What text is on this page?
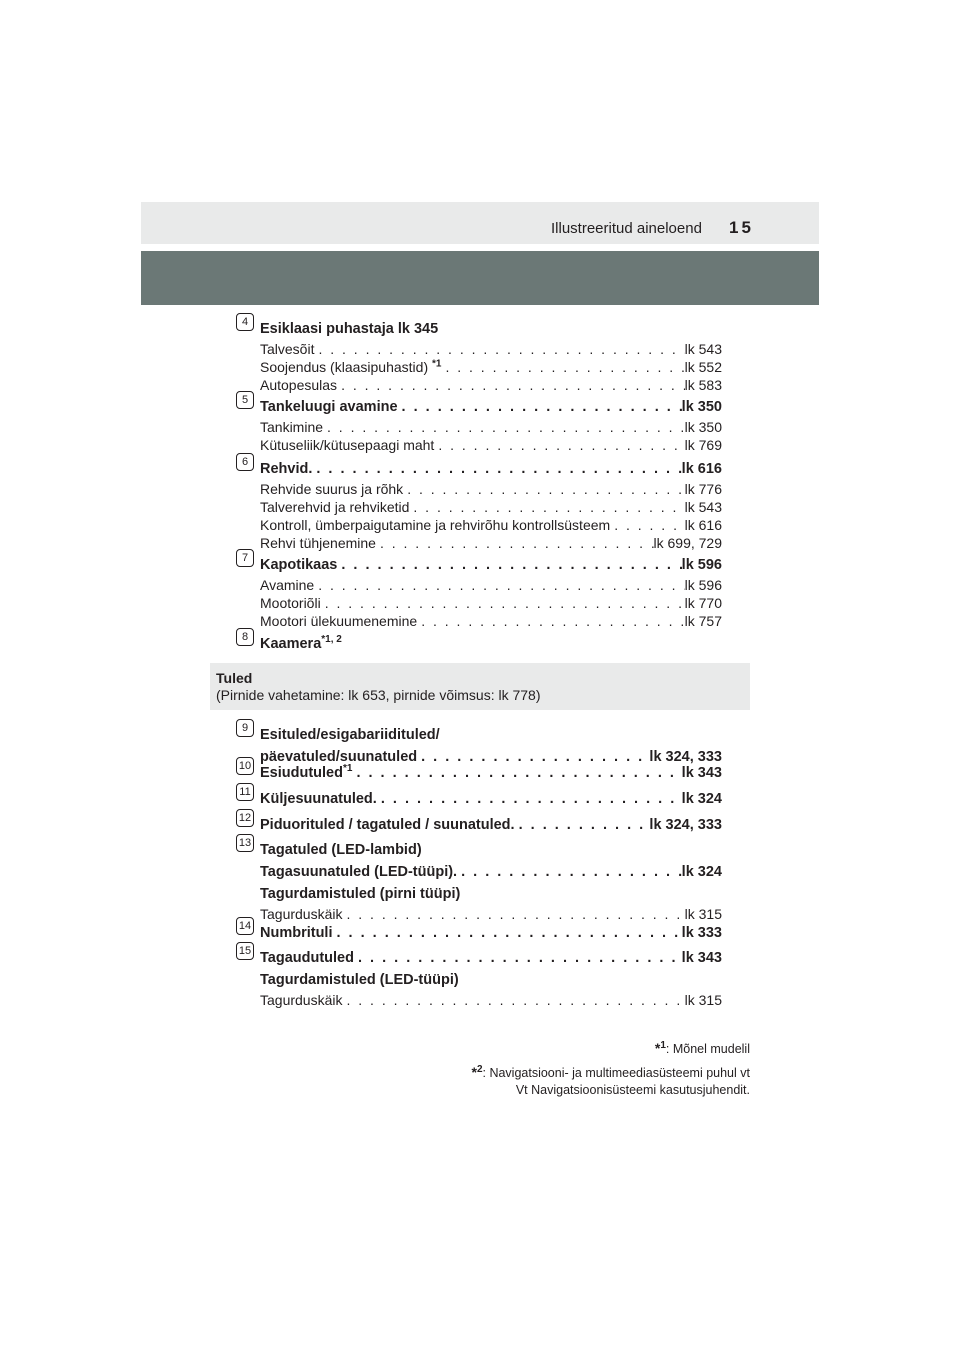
Illustreeritud aineloend 15
4 Esiklaasi puhastaja lk 345
Talvesõit . . .	lk 543
Soojendus (klaasipuhastid) $^{*1}$ . . .	lk 552
Autopesulas . . .	lk 583
5 Tankeluugi avamine . . .	lk 350
Tankimine . . .	lk 350
Kütuseliik/kütusepaagi maht . . .	lk 769
6 Rehvid. . . .	lk 616
Rehvide suurus ja rõhk . . .	lk 776
Talverehvid ja rehviketid . . .	lk 543
Kontroll, ümberpaigutamine ja rehvirõhu kontrollsüsteem . . .	lk 616
Rehvi tühjenemine . . .	lk 699, 729
7 Kapotikaas . . .	lk 596
Avamine . . .	lk 596
Mootoriõli . . .	lk 770
Mootori ülekuumenemine . . .	lk 757
8 Kaamera$^{*1, 2}$
Tuled
(Pirnide vahetamine: lk 653, pirnide võimsus: lk 778)
9 Esituled/esigabariidituled/
päevatuled/suunatuled . . .	lk 324, 333
10 Esiudutuled$^{*1}$ . . .	lk 343
11 Küljesuunatuled. . . .	lk 324
12 Piduorituled / tagatuled / suunatuled. . . .	lk 324, 333
13 Tagatuled (LED-lambid)
Tagasuunatuled (LED-tüüpi). . . .	lk 324
Tagurdamistuled (pirni tüüpi)
Tagurduskäik . . .	lk 315
14 Numbrituli . . .	lk 333
15 Tagaudutuled . . .	lk 343
Tagurdamistuled (LED-tüüpi)
Tagurduskäik . . .	lk 315
*$^1$: Mõnel mudelil
*$^2$: Navigatsiooni- ja multimeediasüsteemi puhul vt
Vt Navigatsioonisüsteemi kasutusjuhendit.
